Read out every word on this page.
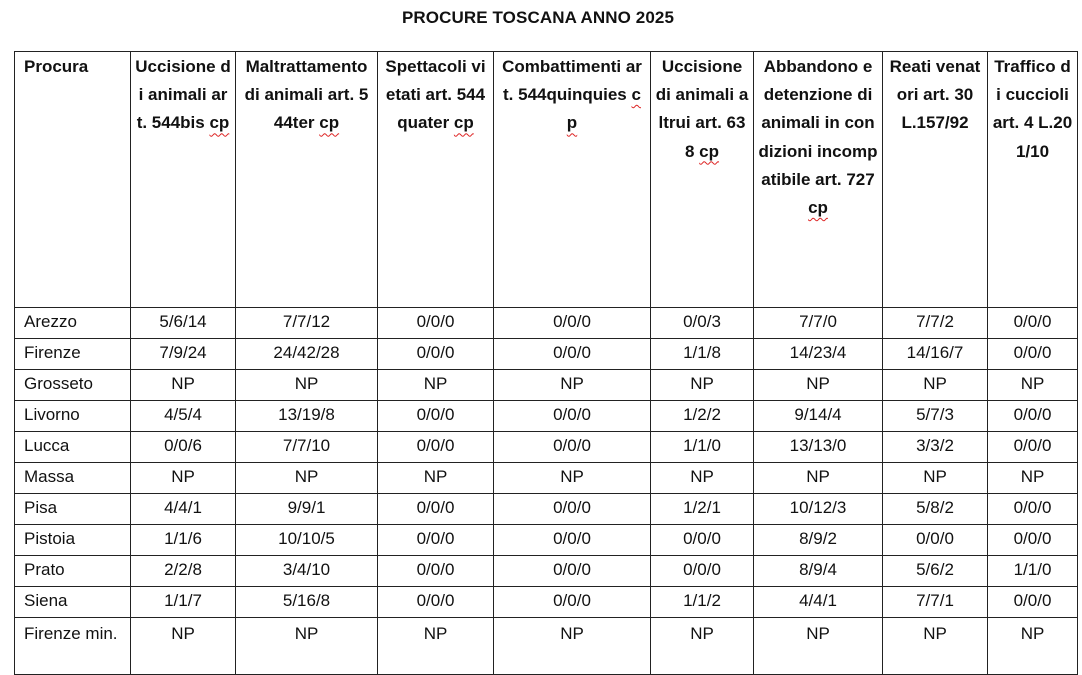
PROCURE TOSCANA ANNO 2025
Procura	Uccisione di animali art. 544bis cp	Maltrattamento di animali art. 544ter cp	Spettacoli vietati art. 544quater cp	Combattimenti art. 544quinquies cp	Uccisione di animali altrui art. 638 cp	Abbandono e detenzione di animali in condizioni incompatibile art. 727 cp	Reati venatori art. 30 L.157/92	Traffico di cuccioli art. 4 L.201/10
Arezzo	5/6/14	7/7/12	0/0/0	0/0/0	0/0/3	7/7/0	7/7/2	0/0/0
Firenze	7/9/24	24/42/28	0/0/0	0/0/0	1/1/8	14/23/4	14/16/7	0/0/0
Grosseto	NP	NP	NP	NP	NP	NP	NP	NP
Livorno	4/5/4	13/19/8	0/0/0	0/0/0	1/2/2	9/14/4	5/7/3	0/0/0
Lucca	0/0/6	7/7/10	0/0/0	0/0/0	1/1/0	13/13/0	3/3/2	0/0/0
Massa	NP	NP	NP	NP	NP	NP	NP	NP
Pisa	4/4/1	9/9/1	0/0/0	0/0/0	1/2/1	10/12/3	5/8/2	0/0/0
Pistoia	1/1/6	10/10/5	0/0/0	0/0/0	0/0/0	8/9/2	0/0/0	0/0/0
Prato	2/2/8	3/4/10	0/0/0	0/0/0	0/0/0	8/9/4	5/6/2	1/1/0
Siena	1/1/7	5/16/8	0/0/0	0/0/0	1/1/2	4/4/1	7/7/1	0/0/0
Firenze min.	NP	NP	NP	NP	NP	NP	NP	NP
